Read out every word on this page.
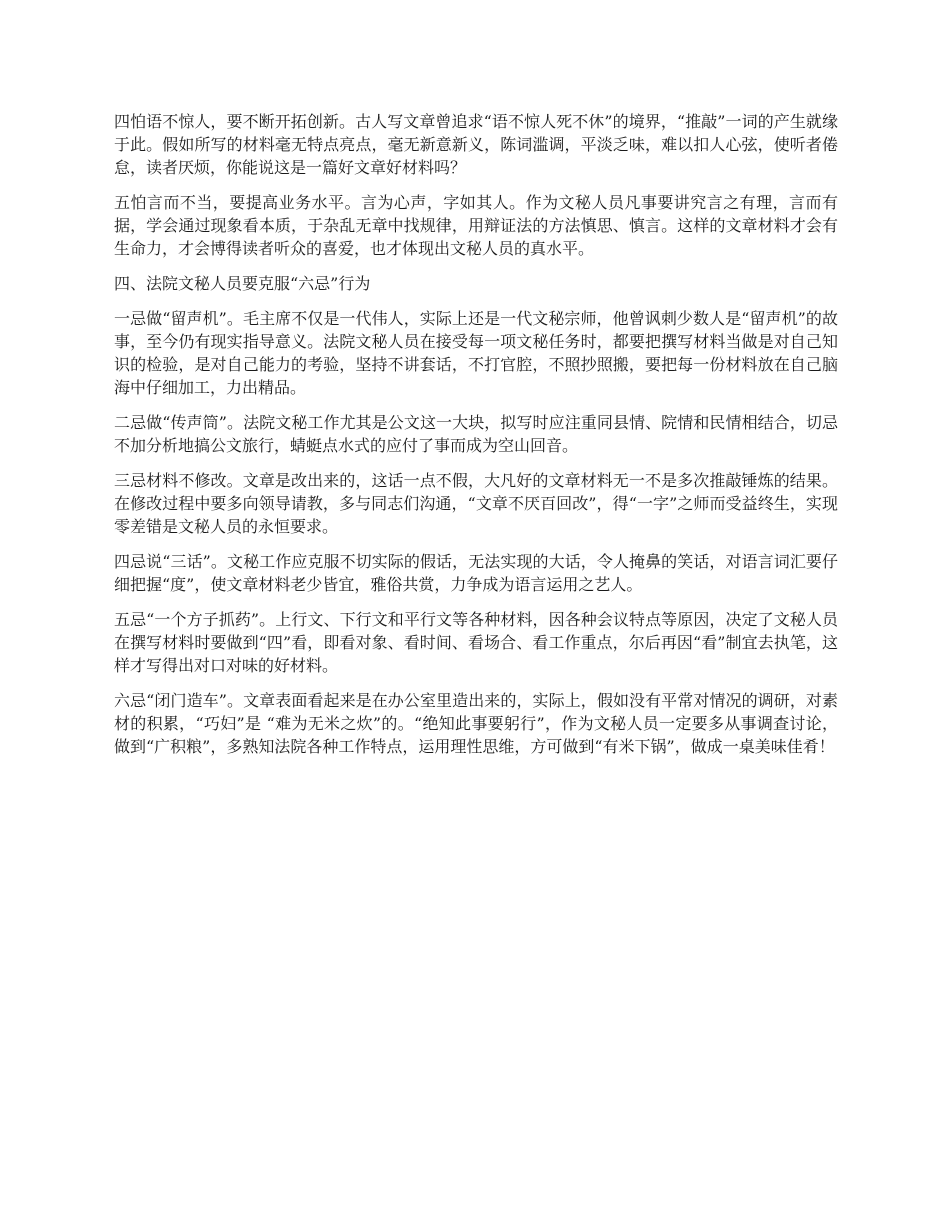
四怕语不惊人，要不断开拓创新。古人写文章曾追求“语不惊人死不休”的境界，“推敲”一词的产生就缘于此。假如所写的材料毫无特点亮点，毫无新意新义，陈词滥调，平淡乏味，难以扣人心弦，使听者倦怠，读者厌烦，你能说这是一篇好文章好材料吗？

五怕言而不当，要提高业务水平。言为心声，字如其人。作为文秘人员凡事要讲究言之有理，言而有据，学会通过现象看本质，于杂乱无章中找规律，用辩证法的方法慎思、慎言。这样的文章材料才会有生命力，才会博得读者听众的喜爱，也才体现出文秘人员的真水平。

四、法院文秘人员要克服“六忌”行为

一忌做“留声机”。毛主席不仅是一代伟人，实际上还是一代文秘宗师，他曾讽刺少数人是“留声机”的故事，至今仍有现实指导意义。法院文秘人员在接受每一项文秘任务时，都要把撰写材料当做是对自己知识的检验，是对自己能力的考验，坚持不讲套话，不打官腔，不照抄照搬，要把每一份材料放在自己脑海中仔细加工，力出精品。

二忌做“传声筒”。法院文秘工作尤其是公文这一大块，拟写时应注重同县情、院情和民情相结合，切忌不加分析地搞公文旅行，蜻蜓点水式的应付了事而成为空山回音。

三忌材料不修改。文章是改出来的，这话一点不假，大凡好的文章材料无一不是多次推敲锤炼的结果。在修改过程中要多向领导请教，多与同志们沟通，“文章不厌百回改”，得“一字”之师而受益终生，实现零差错是文秘人员的永恒要求。

四忌说“三话”。文秘工作应克服不切实际的假话，无法实现的大话，令人掩鼻的笑话，对语言词汇要仔细把握“度”，使文章材料老少皆宜，雅俗共赏，力争成为语言运用之艺人。

五忌“一个方子抓药”。上行文、下行文和平行文等各种材料，因各种会议特点等原因，决定了文秘人员在撰写材料时要做到“四”看，即看对象、看时间、看场合、看工作重点，尔后再因“看”制宜去执笔，这样才写得出对口对味的好材料。

六忌“闭门造车”。文章表面看起来是在办公室里造出来的，实际上，假如没有平常对情况的调研，对素材的积累，“巧妇”是 “难为无米之炊”的。“绝知此事要躬行”，作为文秘人员一定要多从事调查讨论，做到“广积粮”，多熟知法院各种工作特点，运用理性思维，方可做到“有米下锅”，做成一桌美味佳肴！
